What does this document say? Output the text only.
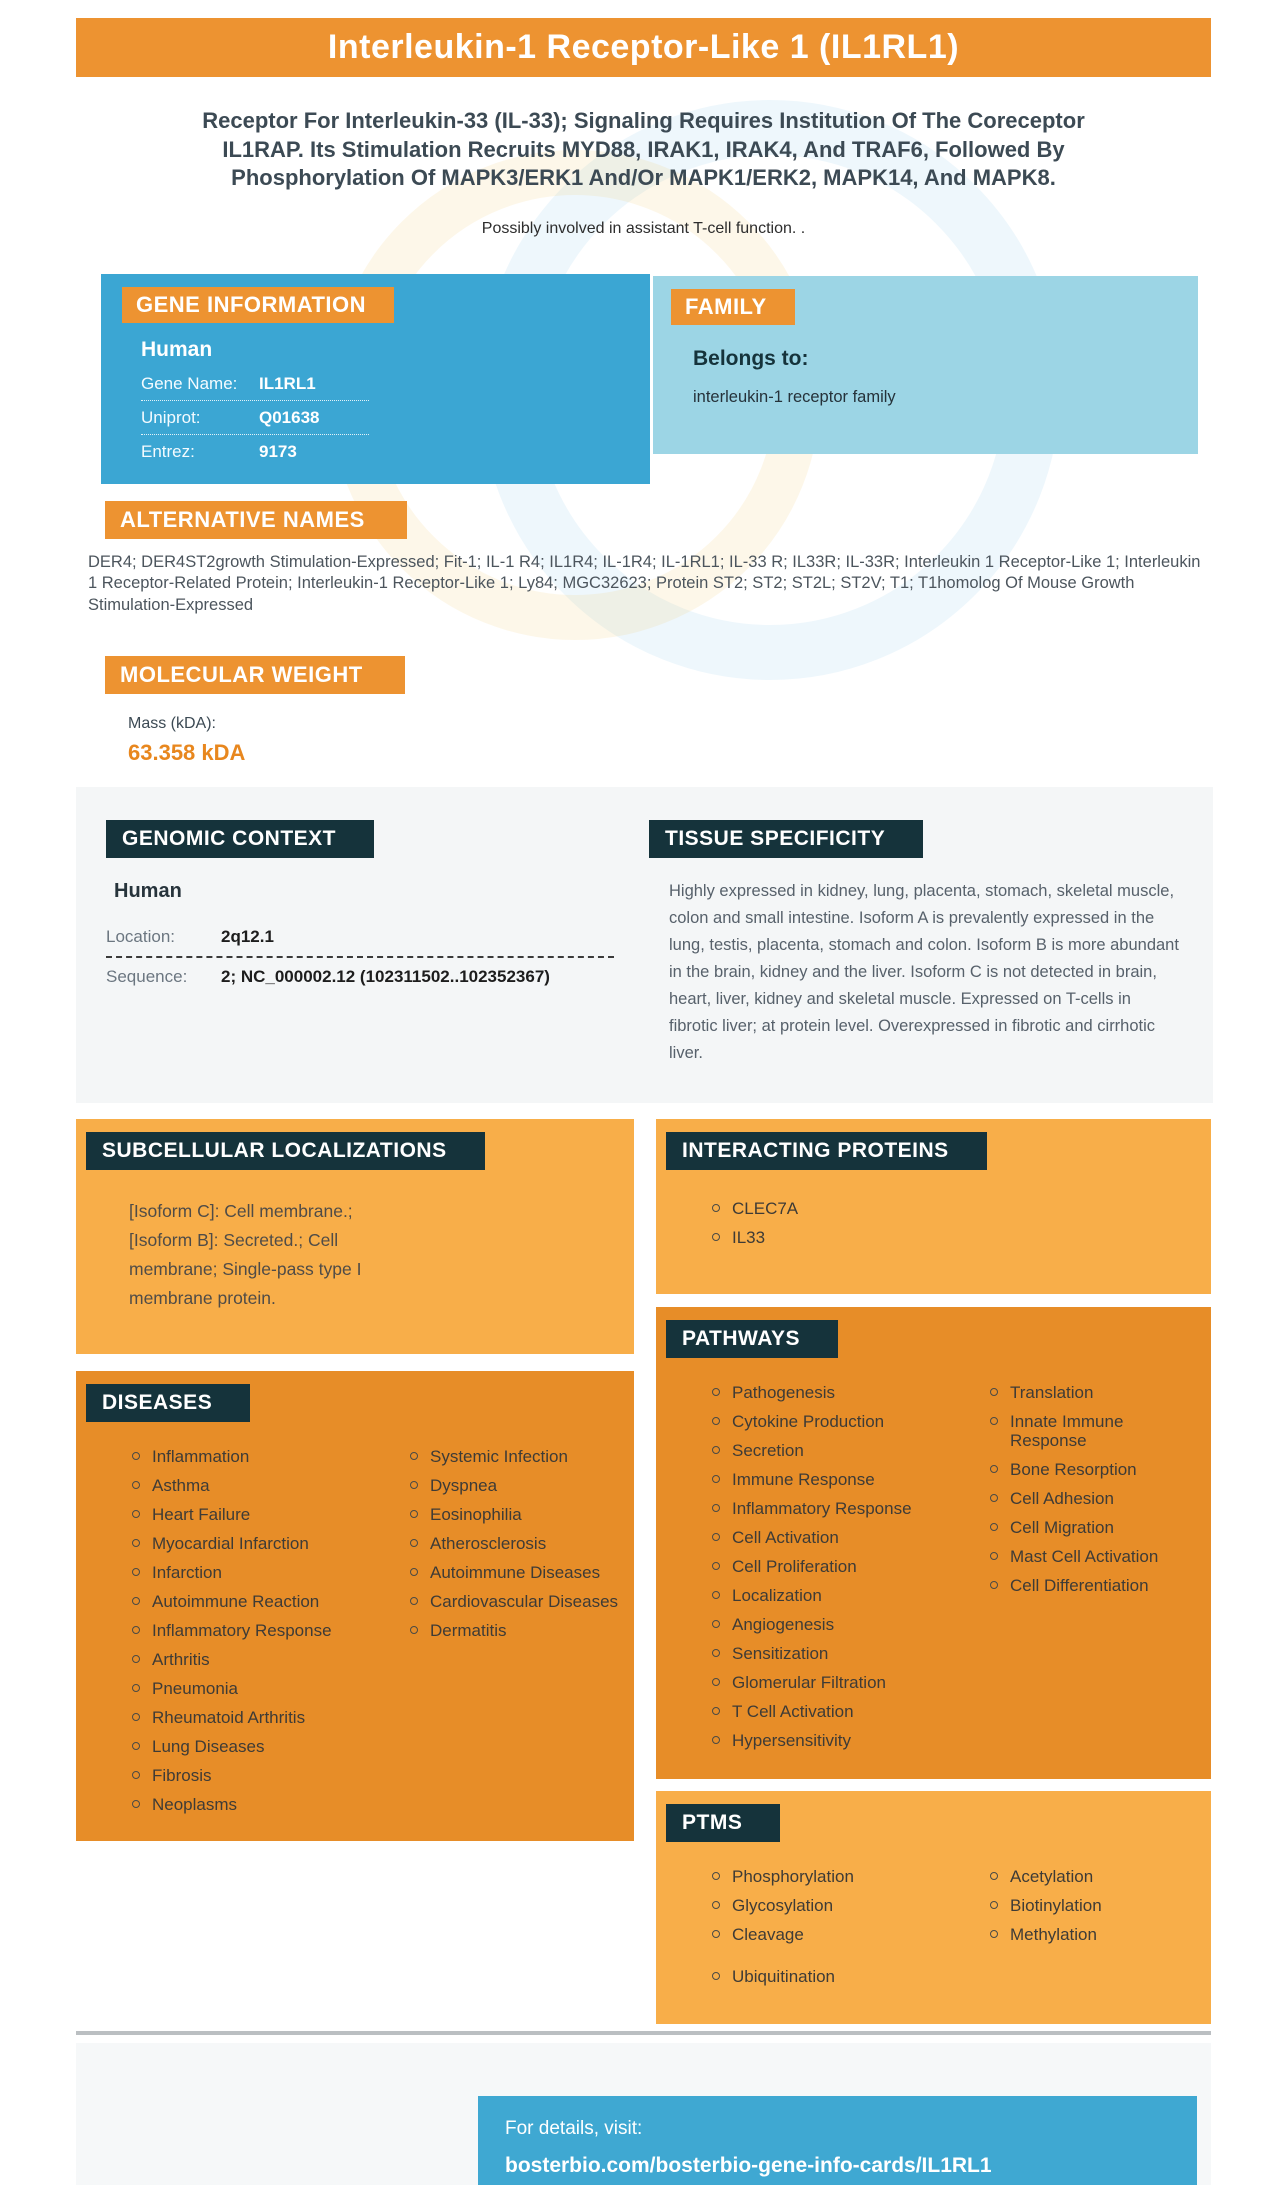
Interleukin-1 Receptor-Like 1 (IL1RL1)
Receptor For Interleukin-33 (IL-33); Signaling Requires Institution Of The Coreceptor IL1RAP. Its Stimulation Recruits MYD88, IRAK1, IRAK4, And TRAF6, Followed By Phosphorylation Of MAPK3/ERK1 And/Or MAPK1/ERK2, MAPK14, And MAPK8.
Possibly involved in assistant T-cell function. .
GENE INFORMATION
Human
Gene Name:	IL1RL1
Uniprot:	Q01638
Entrez:	9173
FAMILY
Belongs to:
interleukin-1 receptor family
ALTERNATIVE NAMES
DER4; DER4ST2growth Stimulation-Expressed; Fit-1; IL-1 R4; IL1R4; IL-1R4; IL-1RL1; IL-33 R; IL33R; IL-33R; Interleukin 1 Receptor-Like 1; Interleukin 1 Receptor-Related Protein; Interleukin-1 Receptor-Like 1; Ly84; MGC32623; Protein ST2; ST2; ST2L; ST2V; T1; T1homolog Of Mouse Growth Stimulation-Expressed
MOLECULAR WEIGHT
Mass (kDA):
63.358 kDA
GENOMIC CONTEXT
Human
Location:	2q12.1
Sequence:	2; NC_000002.12 (102311502..102352367)
TISSUE SPECIFICITY
Highly expressed in kidney, lung, placenta, stomach, skeletal muscle, colon and small intestine. Isoform A is prevalently expressed in the lung, testis, placenta, stomach and colon. Isoform B is more abundant in the brain, kidney and the liver. Isoform C is not detected in brain, heart, liver, kidney and skeletal muscle. Expressed on T-cells in fibrotic liver; at protein level. Overexpressed in fibrotic and cirrhotic liver.
SUBCELLULAR LOCALIZATIONS
[Isoform C]: Cell membrane.; [Isoform B]: Secreted.; Cell membrane; Single-pass type I membrane protein.
DISEASES
Inflammation
Asthma
Heart Failure
Myocardial Infarction
Infarction
Autoimmune Reaction
Inflammatory Response
Arthritis
Pneumonia
Rheumatoid Arthritis
Lung Diseases
Fibrosis
Neoplasms
Systemic Infection
Dyspnea
Eosinophilia
Atherosclerosis
Autoimmune Diseases
Cardiovascular Diseases
Dermatitis
INTERACTING PROTEINS
CLEC7A
IL33
PATHWAYS
Pathogenesis
Cytokine Production
Secretion
Immune Response
Inflammatory Response
Cell Activation
Cell Proliferation
Localization
Angiogenesis
Sensitization
Glomerular Filtration
T Cell Activation
Hypersensitivity
Translation
Innate Immune Response
Bone Resorption
Cell Adhesion
Cell Migration
Mast Cell Activation
Cell Differentiation
PTMS
Phosphorylation
Glycosylation
Cleavage
Ubiquitination
Acetylation
Biotinylation
Methylation
For details, visit:
bosterbio.com/bosterbio-gene-info-cards/IL1RL1
